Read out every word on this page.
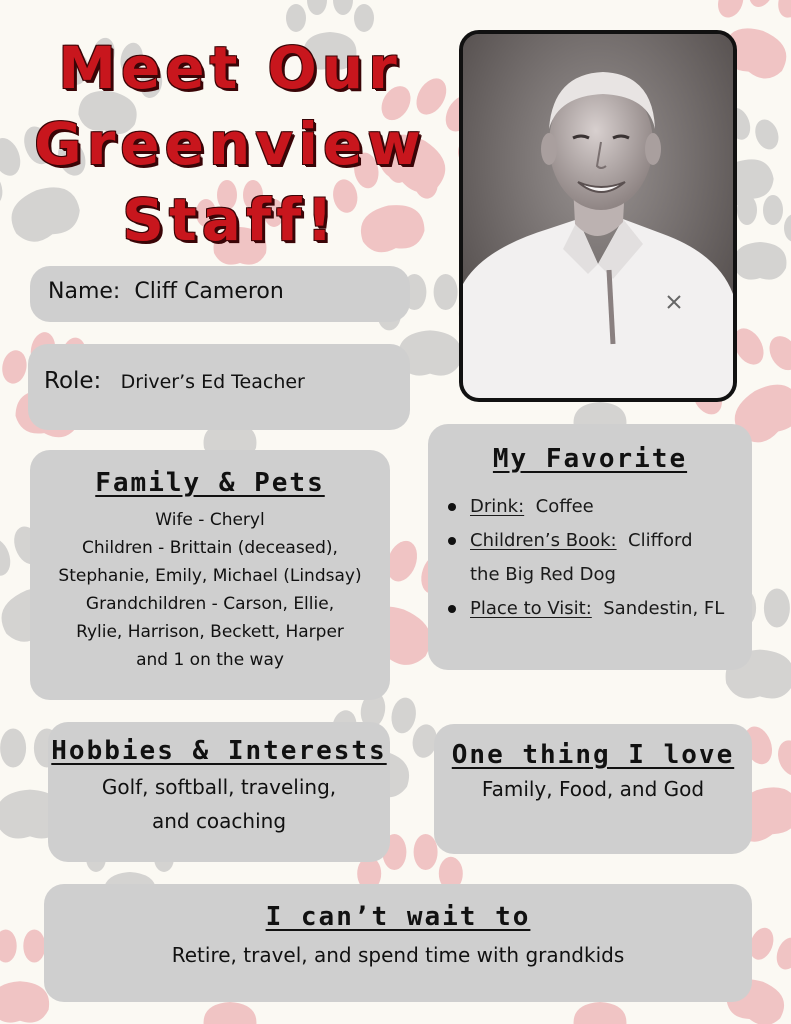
Meet Our
Greenview
Staff!
Name: Cliff Cameron
Role: Driver’s Ed Teacher
Family & Pets
Wife - Cheryl
Children - Brittain (deceased),
Stephanie, Emily, Michael (Lindsay)
Grandchildren - Carson, Ellie,
Rylie, Harrison, Beckett, Harper
and 1 on the way
My Favorite
Drink: Coffee
Children’s Book: Clifford
the Big Red Dog
Place to Visit: Sandestin, FL
Hobbies & Interests
Golf, softball, traveling,
and coaching
One thing I love
Family, Food, and God
I can’t wait to
Retire, travel, and spend time with grandkids
